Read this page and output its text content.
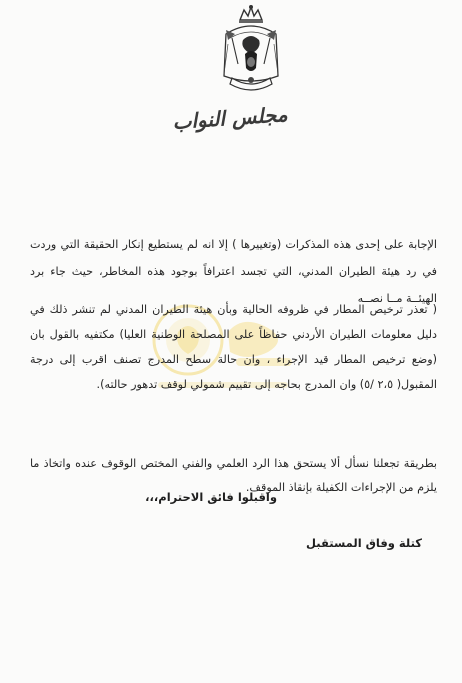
مجلس النواب
الإجابة على إحدى هذه المذكرات (وتغييرها ) إلا انه لم يستطيع إنكار الحقيقة التي وردت في رد هيئة الطيران المدني، التي تجسد اعترافاً بوجود هذه المخاطر، حيث جاء برد الهيئــة مــا نصــه
( تعذر ترخيص المطار في ظروفه الحالية وبأن هيئة الطيران المدني لم تنشر ذلك في دليل معلومات الطيران الأردني حفاظاً على المصلحة الوطنية العليا) مكتفيه بالقول بان (وضع ترخيص المطار قيد الإجراء ، وان حالة سطح المدرج تصنف اقرب إلى درجة المقبول( ٢،٥ /٥) وان المدرج بحاجه إلى تقييم شمولي لوقف تدهور حالته).
بطريقة تجعلنا نسأل ألا يستحق هذا الرد العلمي والفني المختص الوقوف عنده واتخاذ ما يلزم من الإجراءات الكفيلة بإنقاذ الموقف.
واقبلوا فائق الاحترام،،،
كتلة وفاق المستقبل
